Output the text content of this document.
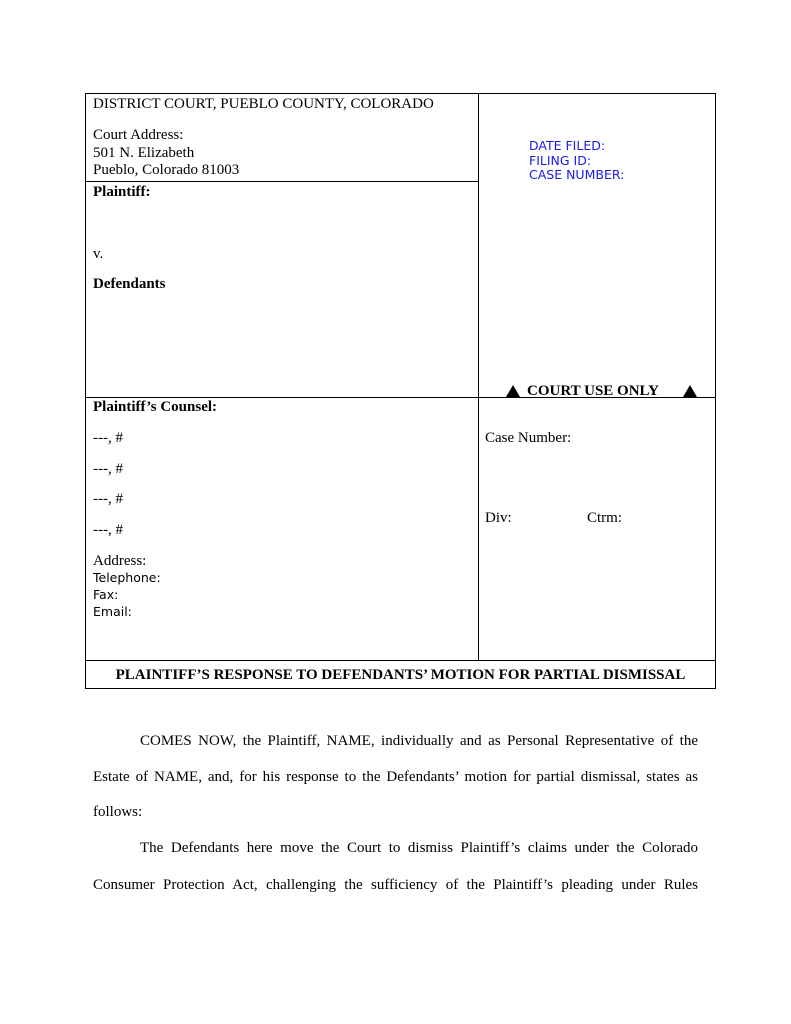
DISTRICT COURT, PUEBLO COUNTY, COLORADO
Court Address:
501 N. Elizabeth
Pueblo, Colorado 81003
Plaintiff:
v.
Defendants
DATE FILED:
FILING ID:
CASE NUMBER:
COURT USE ONLY
Plaintiff’s Counsel:
---, #
---, #
---, #
---, #
Address:
Telephone:
Fax:
Email:
Case Number:
Div:	Ctrm:
PLAINTIFF’S RESPONSE TO DEFENDANTS’ MOTION FOR PARTIAL DISMISSAL
COMES NOW, the Plaintiff, NAME, individually and as Personal Representative of the
Estate of NAME, and, for his response to the Defendants’ motion for partial dismissal, states as
follows:
The Defendants here move the Court to dismiss Plaintiff’s claims under the Colorado
Consumer Protection Act, challenging the sufficiency of the Plaintiff’s pleading under Rules
